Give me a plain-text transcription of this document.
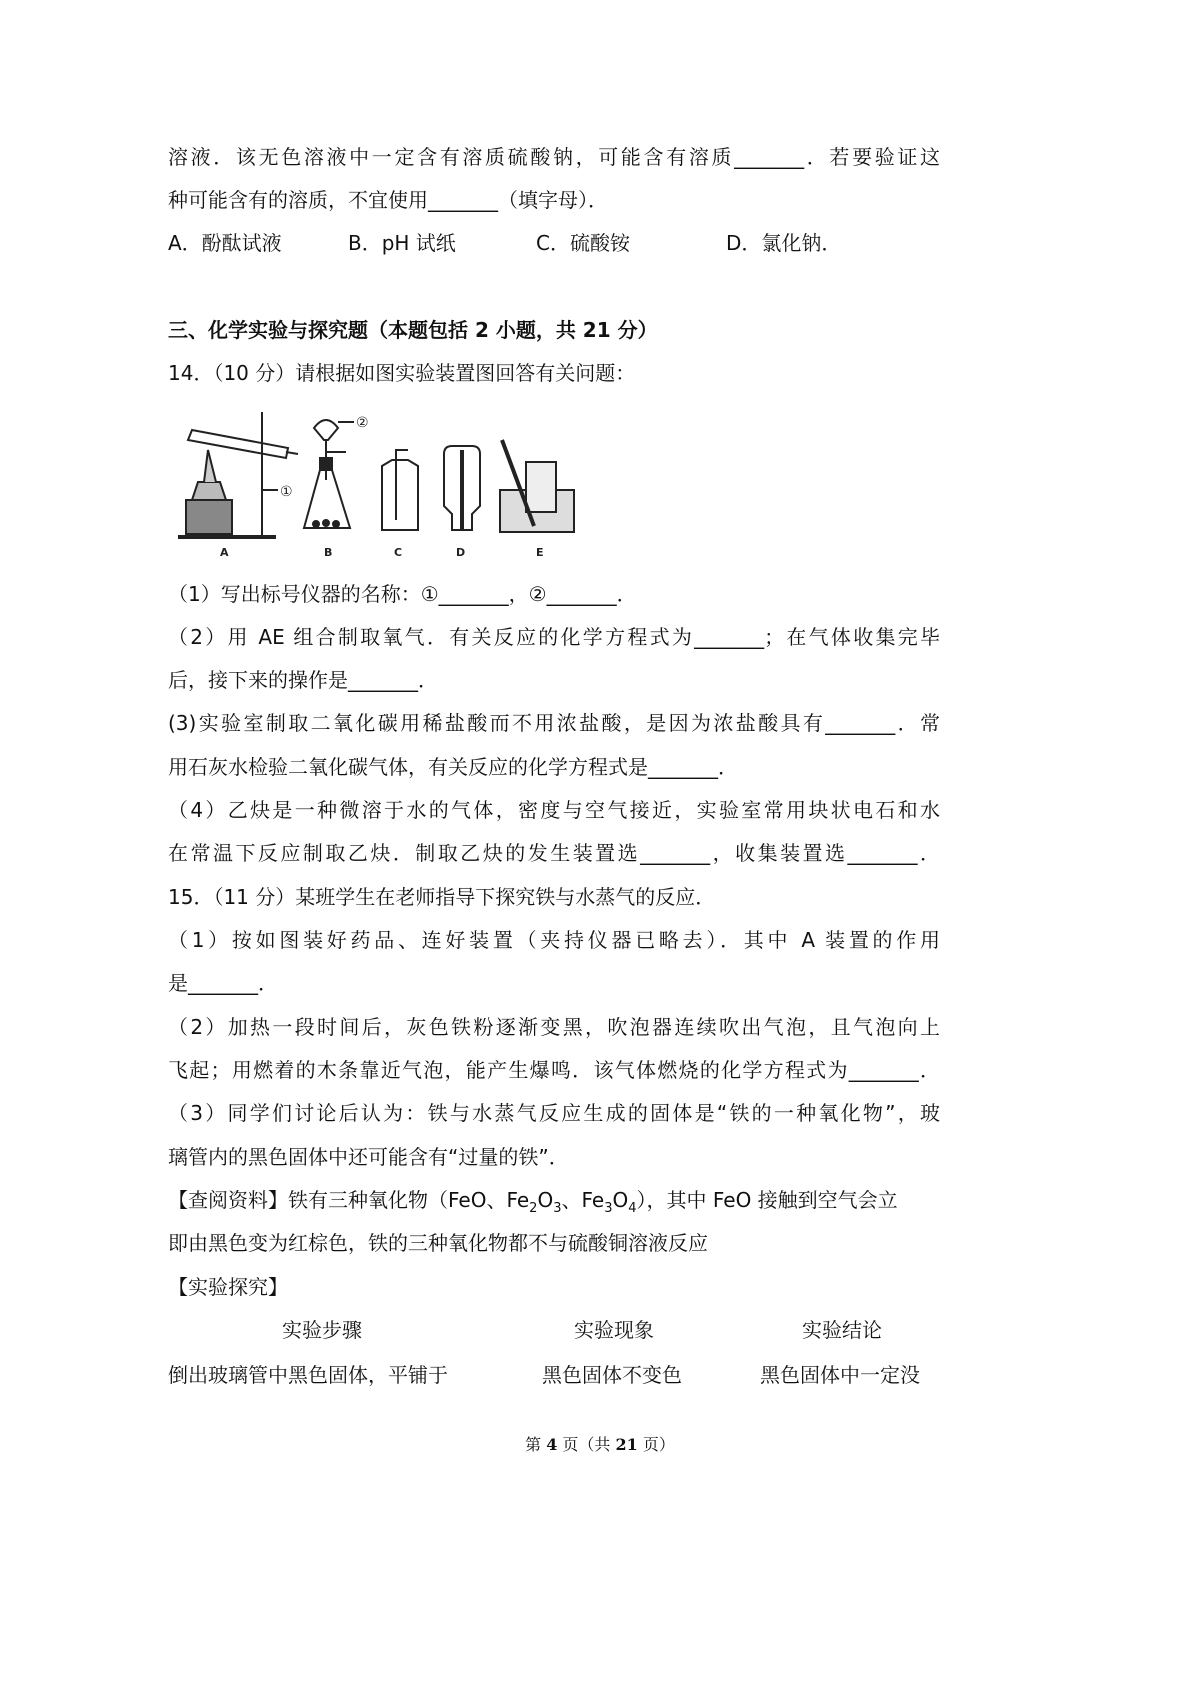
溶液．该无色溶液中一定含有溶质硫酸钠，可能含有溶质_______．若要验证这
种可能含有的溶质，不宜使用_______（填字母）．
A．酚酞试液	B．pH 试纸	C．硫酸铵	D．氯化钠．
三、化学实验与探究题（本题包括 2 小题，共 21 分）
14．（10 分）请根据如图实验装置图回答有关问题：
①
②
A	B	C	D	E
（1）写出标号仪器的名称：①_______，②_______．
（2）用 AE 组合制取氧气．有关反应的化学方程式为_______；在气体收集完毕
后，接下来的操作是_______．
(3)实验室制取二氧化碳用稀盐酸而不用浓盐酸，是因为浓盐酸具有_______．常
用石灰水检验二氧化碳气体，有关反应的化学方程式是_______．
（4）乙炔是一种微溶于水的气体，密度与空气接近，实验室常用块状电石和水
在常温下反应制取乙炔．制取乙炔的发生装置选_______，收集装置选_______．
15．（11 分）某班学生在老师指导下探究铁与水蒸气的反应．
（1）按如图装好药品、连好装置（夹持仪器已略去）．其中 A 装置的作用
是_______．
（2）加热一段时间后，灰色铁粉逐渐变黑，吹泡器连续吹出气泡，且气泡向上
飞起；用燃着的木条靠近气泡，能产生爆鸣．该气体燃烧的化学方程式为_______．
（3）同学们讨论后认为：铁与水蒸气反应生成的固体是“铁的一种氧化物”，玻
璃管内的黑色固体中还可能含有“过量的铁”．
【查阅资料】铁有三种氧化物（FeO、$Fe_2O_3$、$Fe_3O_4$），其中 FeO 接触到空气会立
即由黑色变为红棕色，铁的三种氧化物都不与硫酸铜溶液反应
【实验探究】
实验步骤	实验现象	实验结论
倒出玻璃管中黑色固体，平铺于	黑色固体不变色	黑色固体中一定没
第 4 页（共 21 页）
